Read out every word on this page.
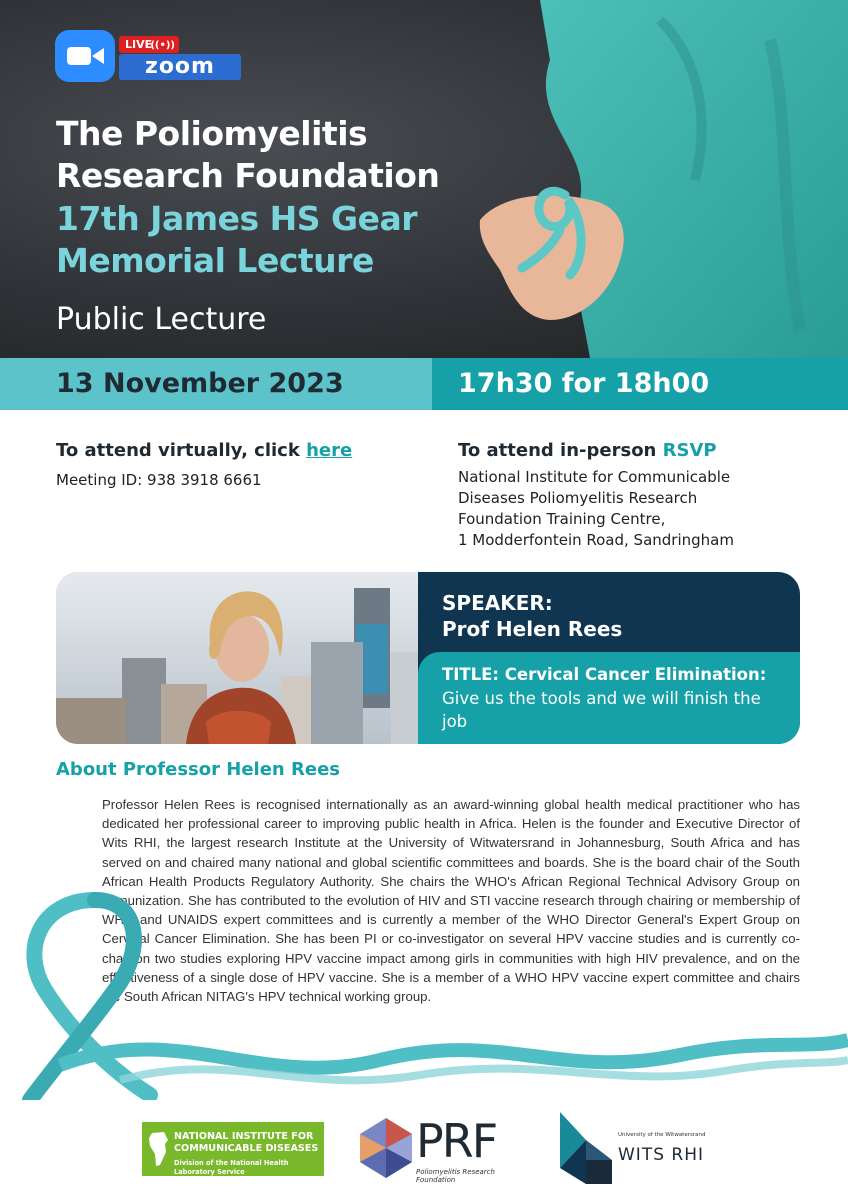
LIVE
((•))
zoom
The Poliomyelitis
Research Foundation
17th James HS Gear
Memorial Lecture
Public Lecture
13 November 2023	17h30 for 18h00
To attend virtually, click here
Meeting ID: 938 3918 6661
To attend in-person RSVP
National Institute for Communicable
Diseases Poliomyelitis Research
Foundation Training Centre,
1 Modderfontein Road, Sandringham
SPEAKER:
Prof Helen Rees
TITLE: Cervical Cancer Elimination:
Give us the tools and we will finish the job
About Professor Helen Rees
Professor Helen Rees is recognised internationally as an award-winning global health medical practitioner who has dedicated her professional career to improving public health in Africa. Helen is the founder and Executive Director of Wits RHI, the largest research Institute at the University of Witwatersrand in Johannesburg, South Africa and has served on and chaired many national and global scientific committees and boards. She is the board chair of the South African Health Products Regulatory Authority. She chairs the WHO's African Regional Technical Advisory Group on Immunization. She has contributed to the evolution of HIV and STI vaccine research through chairing or membership of WHO and UNAIDS expert committees and is currently a member of the WHO Director General's Expert Group on Cervical Cancer Elimination. She has been PI or co-investigator on several HPV vaccine studies and is currently co-chair on two studies exploring HPV vaccine impact among girls in communities with high HIV prevalence, and on the effectiveness of a single dose of HPV vaccine. She is a member of a WHO HPV vaccine expert committee and chairs the South African NITAG's HPV technical working group.
NATIONAL INSTITUTE FOR
COMMUNICABLE DISEASES
Division of the National Health Laboratory Service
PRF
Poliomyelitis Research Foundation
University of the Witwatersrand
WITS RHI
